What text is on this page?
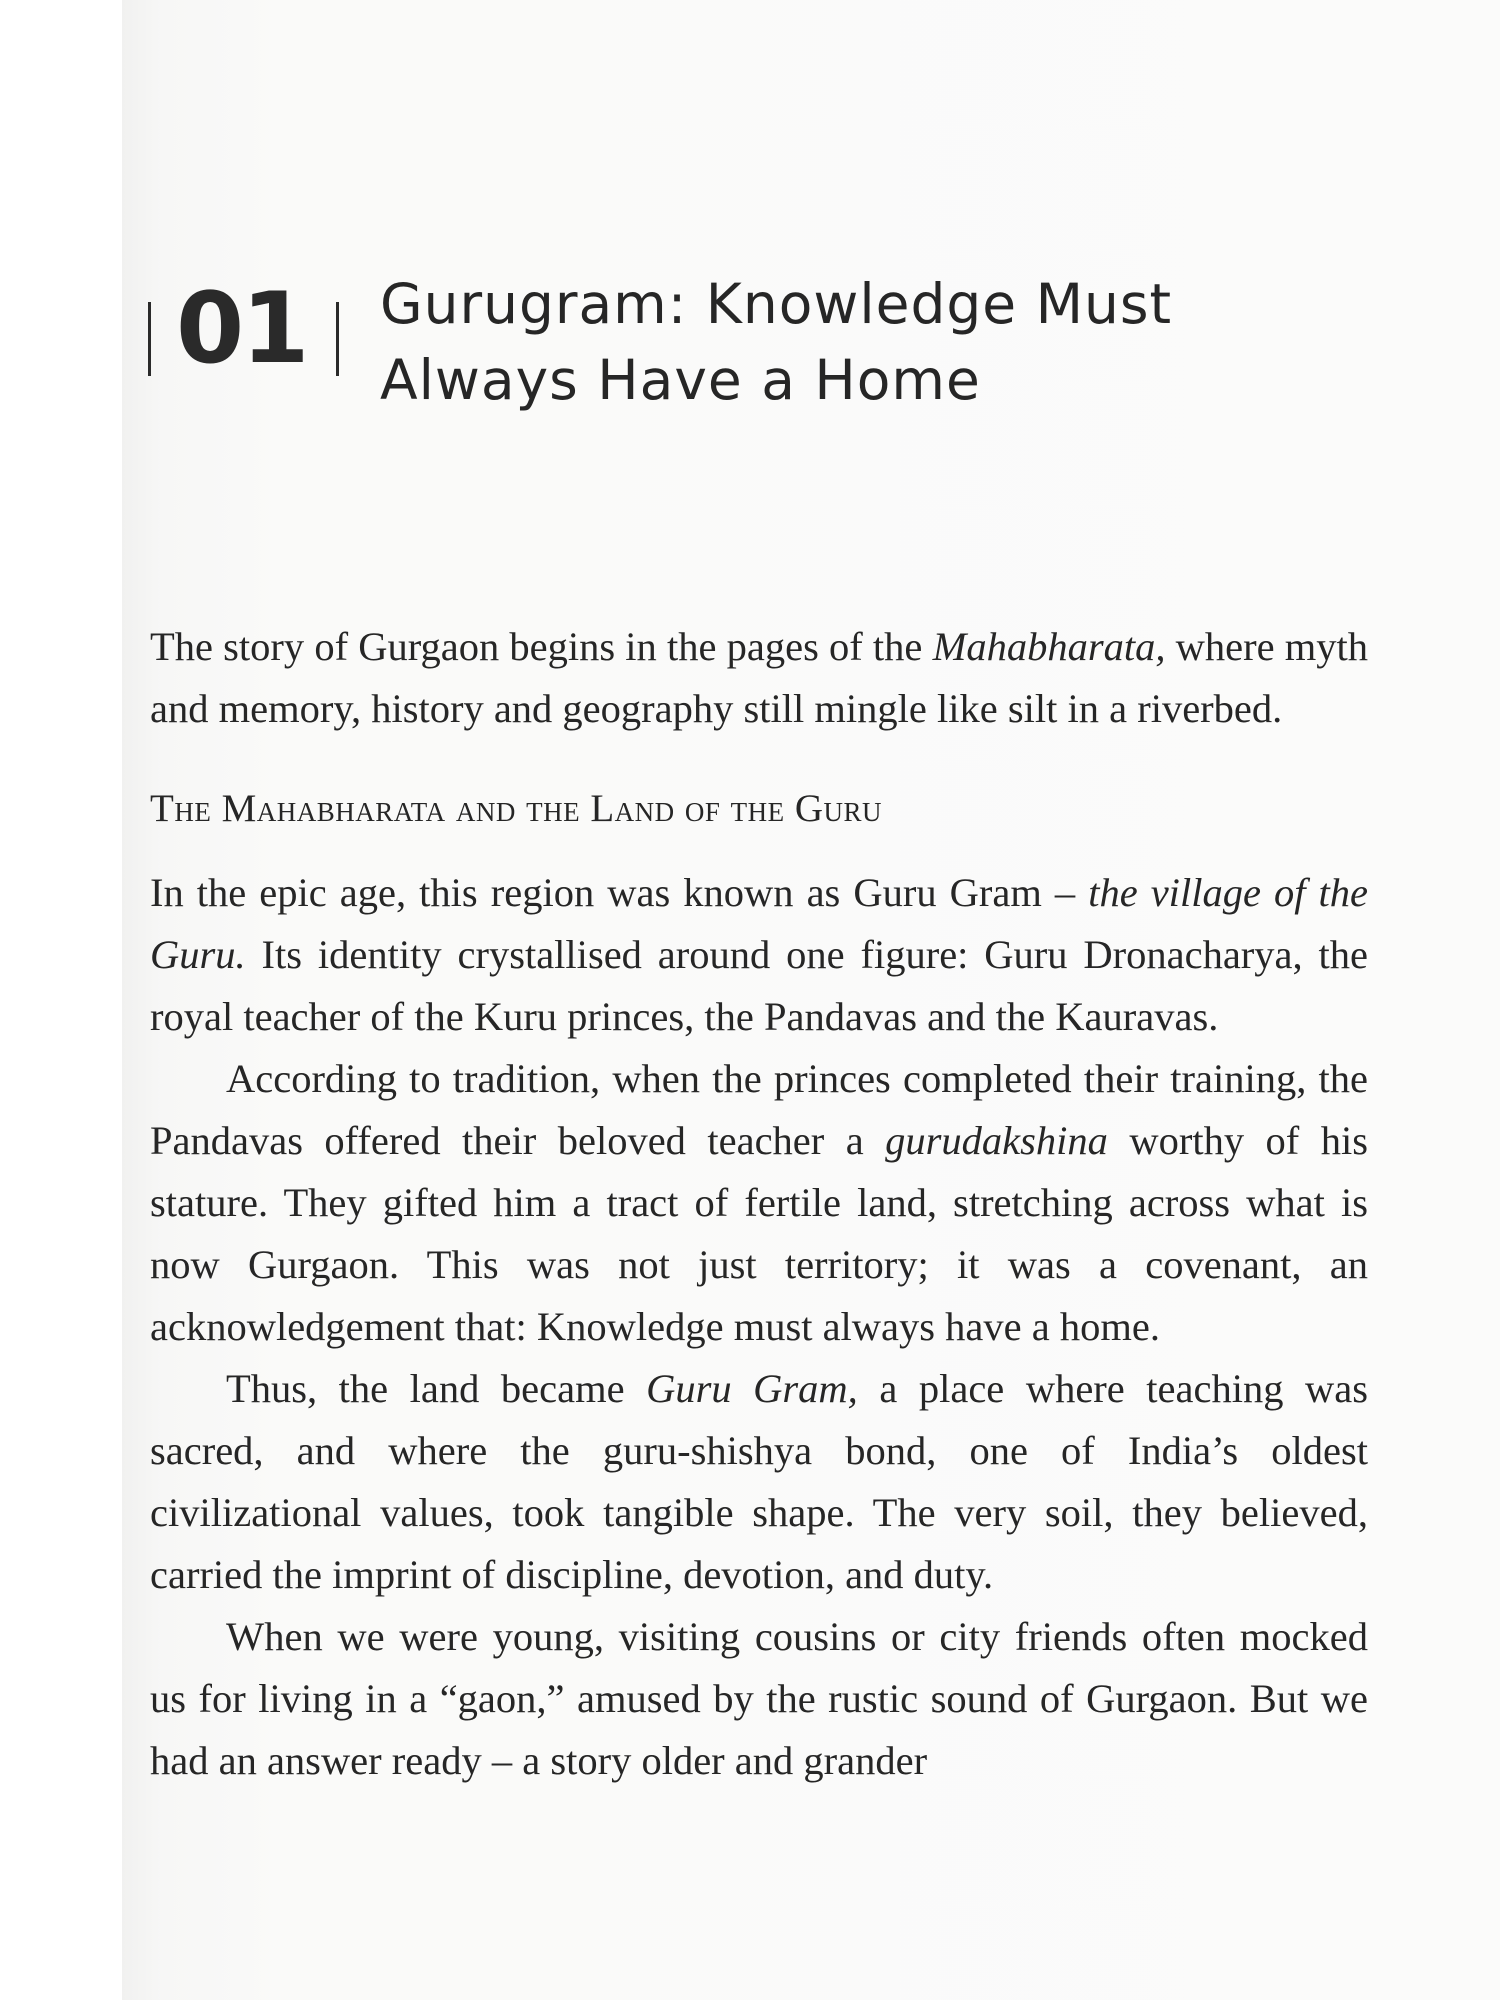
01 Gurugram: Knowledge Must
Always Have a Home

The story of Gurgaon begins in the pages of the Mahabharata, where myth and memory, history and geography still mingle like silt in a riverbed.

The Mahabharata and the Land of the Guru

In the epic age, this region was known as Guru Gram – the village of the Guru. Its identity crystallised around one figure: Guru Dronacharya, the royal teacher of the Kuru princes, the Pandavas and the Kauravas.

According to tradition, when the princes completed their training, the Pandavas offered their beloved teacher a gurudakshina worthy of his stature. They gifted him a tract of fertile land, stretching across what is now Gurgaon. This was not just territory; it was a covenant, an acknowledgement that: Knowledge must always have a home.

Thus, the land became Guru Gram, a place where teaching was sacred, and where the guru-shishya bond, one of India’s oldest civilizational values, took tangible shape. The very soil, they believed, carried the imprint of discipline, devotion, and duty.

When we were young, visiting cousins or city friends often mocked us for living in a “gaon,” amused by the rustic sound of Gurgaon. But we had an answer ready – a story older and grander
